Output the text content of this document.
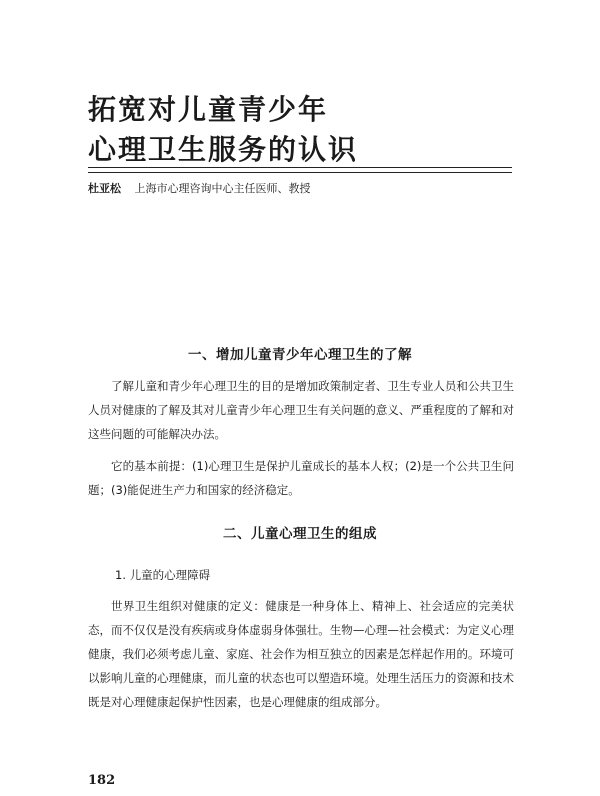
拓宽对儿童青少年
心理卫生服务的认识
杜亚松 上海市心理咨询中心主任医师、教授
一、增加儿童青少年心理卫生的了解

了解儿童和青少年心理卫生的目的是增加政策制定者、卫生专业人员和公共卫生人员对健康的了解及其对儿童青少年心理卫生有关问题的意义、严重程度的了解和对这些问题的可能解决办法。

它的基本前提：(1)心理卫生是保护儿童成长的基本人权；(2)是一个公共卫生问题；(3)能促进生产力和国家的经济稳定。

二、儿童心理卫生的组成
1. 儿童的心理障碍

世界卫生组织对健康的定义：健康是一种身体上、精神上、社会适应的完美状态，而不仅仅是没有疾病或身体虚弱身体强壮。生物—心理—社会模式：为定义心理健康，我们必须考虑儿童、家庭、社会作为相互独立的因素是怎样起作用的。环境可以影响儿童的心理健康，而儿童的状态也可以塑造环境。处理生活压力的资源和技术既是对心理健康起保护性因素，也是心理健康的组成部分。

182
